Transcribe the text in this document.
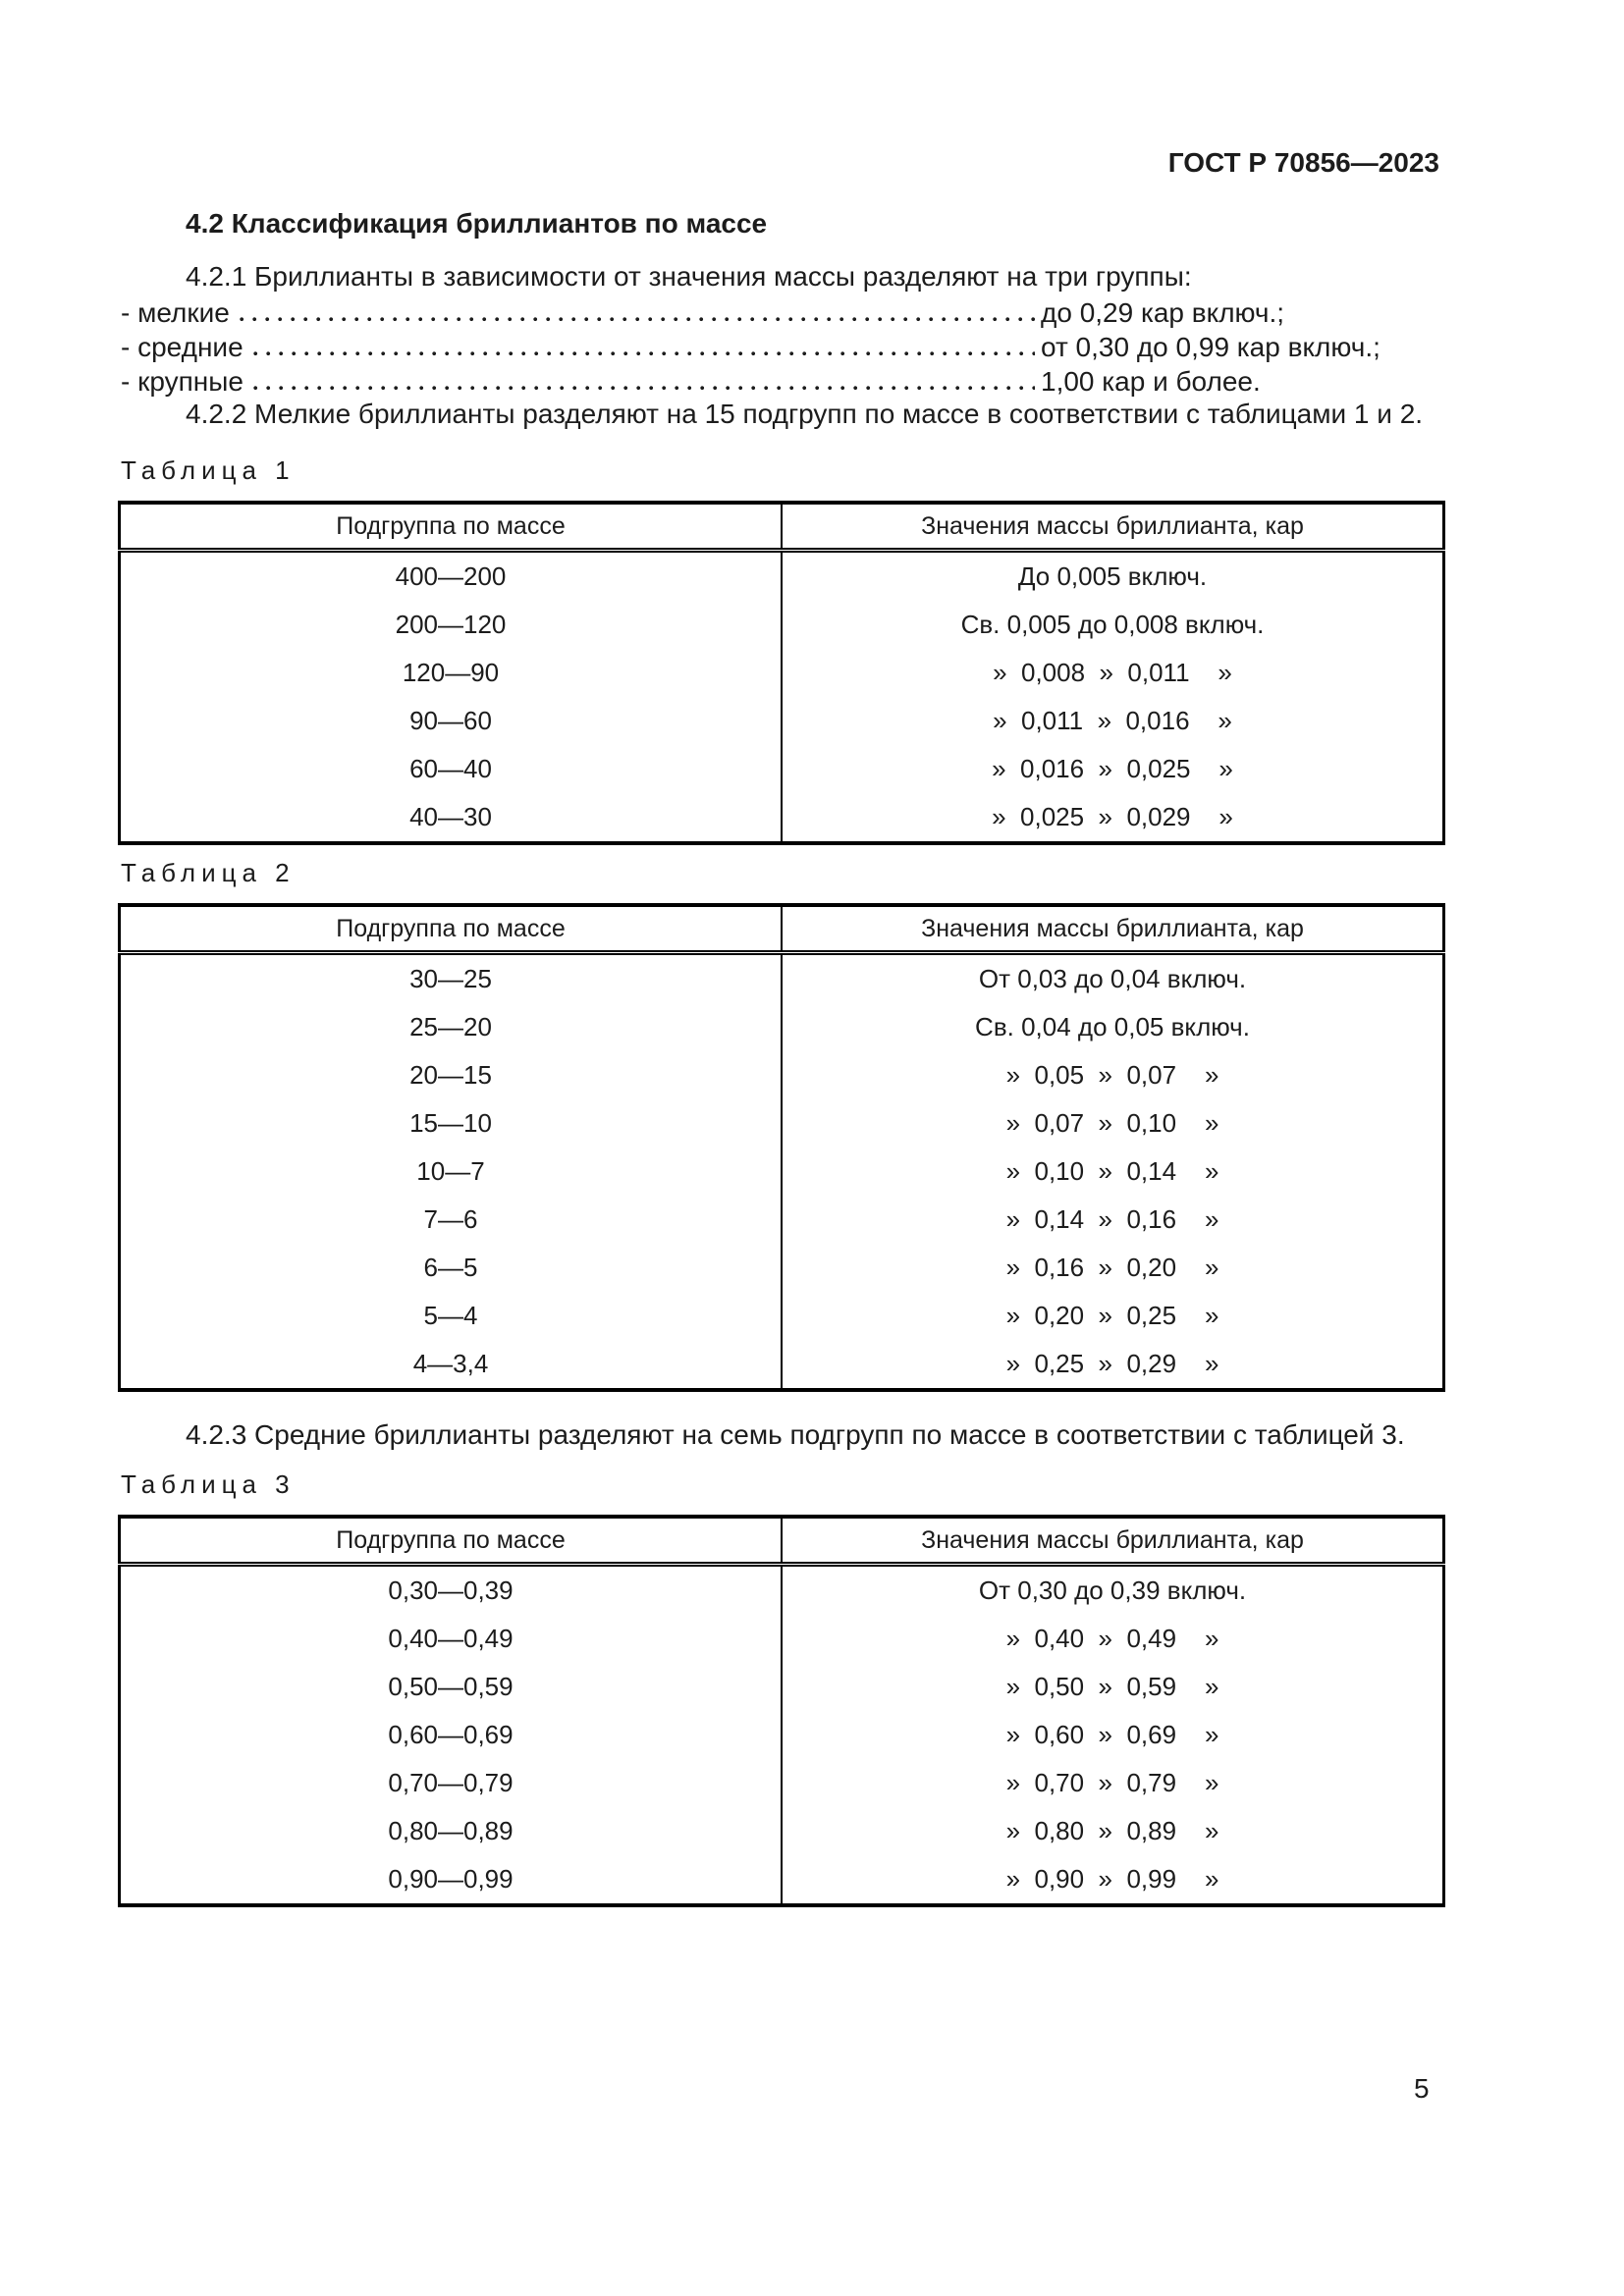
ГОСТ Р 70856—2023
4.2 Классификация бриллиантов по массе
4.2.1 Бриллианты в зависимости от значения массы разделяют на три группы:
- мелкие	до 0,29 кар включ.;
- средние	от 0,30 до 0,99 кар включ.;
- крупные	1,00 кар и более.
4.2.2 Мелкие бриллианты разделяют на 15 подгрупп по массе в соответствии с таблицами 1 и 2.
Таблица 1
Подгруппа по массе	Значения массы бриллианта, кар
400—200	До 0,005 включ.
200—120	Св. 0,005 до 0,008 включ.
120—90	»  0,008  »  0,011    »
90—60	»  0,011  »  0,016    »
60—40	»  0,016  »  0,025    »
40—30	»  0,025  »  0,029    »
Таблица 2
Подгруппа по массе	Значения массы бриллианта, кар
30—25	От 0,03 до 0,04 включ.
25—20	Св. 0,04 до 0,05 включ.
20—15	»  0,05  »  0,07    »
15—10	»  0,07  »  0,10    »
10—7	»  0,10  »  0,14    »
7—6	»  0,14  »  0,16    »
6—5	»  0,16  »  0,20    »
5—4	»  0,20  »  0,25    »
4—3,4	»  0,25  »  0,29    »
4.2.3 Средние бриллианты разделяют на семь подгрупп по массе в соответствии с таблицей 3.
Таблица 3
Подгруппа по массе	Значения массы бриллианта, кар
0,30—0,39	От 0,30 до 0,39 включ.
0,40—0,49	»  0,40  »  0,49    »
0,50—0,59	»  0,50  »  0,59    »
0,60—0,69	»  0,60  »  0,69    »
0,70—0,79	»  0,70  »  0,79    »
0,80—0,89	»  0,80  »  0,89    »
0,90—0,99	»  0,90  »  0,99    »
5
